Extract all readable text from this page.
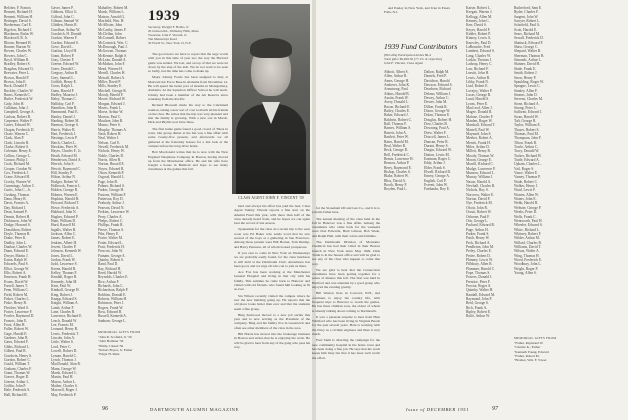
Belcher, F. Francis
Bennett, Richard H.
Bennett, William H.
Bettinger, David S.
Biederman, Carl E.
Bigelow, Richard J.
Blackman, Rufus W.
Blackwell, R. Jr.
Bloom, Bernard H.
Bonner, Burton W.
Bowen, Charles W.
Bowers, John C.
Boyd, William R.
Bradley, Robert S.
Bragdon, Edward G.
Brewster, Peter L.
Brown, Harold P.
Brown, John E.
Buck, Donald F.
Buckley, Charles W.
Burns, Kenneth C.
Butler, Frederick W.
Cady, John H.
Callahan, John J.
Campbell, George A.
Carlson, Robert B.
Carpenter, Walter F.
Carter, Edward W.
Chapin, Frederick D.
Chase, Warren C.
Clark, Alan P.
Clark, Lincoln R.
Clarke, Robert S.
Coleman, Henry E.
Collins, George L.
Connor, Philip J.
Cook, Richard M.
Cooper, Gordon W.
Cox, Frederick J.
Crane, Edward H.
Crosby, Warren W.
Cummings, Arthur C.
Curtis, John C., Jr.
Cushing, Thomas
Dana, Henry R.
Davis, Francis A.
Day, Richard J.
Dean, Samuel F.
Dennis, Robert H.
Dickinson, John W.
Dodge, Howard S.
Donaldson, Robert
Doyle, Thomas R.
Drake, Peter K.
Dudley, John L.
Dunbar, Charles W.
Dunn, Edward E.
Dwyer, Martin J.
Eaton, Ralph W.
Edwards, Paul S.
Elliot, George W.
Ellis, Robert A.
Emerson, Frank H.
Evans, David W.
Farrell, James T.
Fenn, William C.
Field, Robert M.
Fisher, Charles L.
Fiske, Henry B.
Fletcher, Ward S.
Foster, Lawrence F.
Fowler, Raymond D.
Francis, John E.
Frost, Allen H.
Fuller, Robert W.
Gage, Harold E.
Gardner, John R.
Gates, Edward F.
Gibbs, Richard L.
Gilbert, Paul R.
Goodwin, Henry S.
Gordon, Robert C.
Gould, William T.
Graham, Charles F.
Grant, Thomas W.
Graves, Roger D.
Greene, Arthur L.
Griffin, John P.
Hale, Frederick S.
Hall, Richard B.
Gaver, James P.
Gibbons, Elliot G.
Gifford, John C.
Gilman, Samuel W.
Glidden, Harris R.
Goodhue, Arthur W.
Goodrich, H. Donald
Gookin, Warren F.
Gordon, Edward S.
Gove, David L.
Grafton, Lloyd H.
Grant, Robert P.
Gray, Chester F.
Greene, Edward W.
Greer, Donald C.
Gregory, Arthur R.
Grey, Samuel L.
Griffith, Henry E.
Gross, Ralph L.
Gunn, Harold F.
Hadley, Maurice J.
Haley, Thomas C.
Halliday, Carl P.
Hamilton, John R.
Hammond, Paul E.
Hanley, Daniel J.
Harding, Robert M.
Harmon, George S.
Harris, Walter B.
Hart, Frederick J.
Hastings, Lewis P.
Hatch, Charles L.
Hawkins, Peter W.
Hayes, Charles F., Jr.
Heath, Edward M.
Henderson, David A.
Herrick, John S.
Hewitt, Raymond C.
Hill, Stanley P.
Hilton, Arthur N.
Hodges, Robert W.
Holbrook, Francis L.
Holden, George R.
Holmes, Warren E.
Hopkins, Harold B.
Howard, Richard T.
Howe, Frederick A.
Hubbard, John N.
Hughes, Edward P.
Hunt, William D.
Hurd, Russell M.
Ingalls, Walter R.
Jackson, Allen C.
James, Robert E.
Jenkins, Albert H.
Jewett, Charles P.
Johnson, Kenneth W.
Jones, David L.
Jordan, Frank W.
Judd, Lawrence S.
Keene, Harold R.
Kelley, Thomas F.
Kendall, Roger B.
Kennedy, John M.
Kent, Paul W.
Kimball, George H.
King, Robert J.
Knapp, Edward S.
Knight, William A.
Lamb, Arthur F.
Lane, Charles R.
Lawrence, Richard E.
Leach, Donald W.
Lee, Francis M.
Leonard, Henry B.
Lewis, Frederick T.
Lincoln, John A.
Little, Walter S.
Lord, Peter C.
Lowell, Robert D.
Lyman, Harold C.
Lynch, Thomas J.
MacDonald, Alan R.
Mann, George W.
Marsh, Edward C.
Martin, Paul H.
Mason, Arthur L.
Mather, Charles S.
Maxwell, Roger J.
May, Frederick P.
Mahaffey, Robert M.
Marsh, William L.
Matson, Arnold G.
Maxfield, Wm. H.
McAllister, John
McCarthy, James F.
McClellan, John
McConnell, Robert
McCormick, Wm. C.
McDonough, Paul J.
McGowan, Thomas
McKenzie, Ralph S.
McLean, Donald A.
McMahon, John F.
Mead, Warren H.
Merrill, Charles H.
Metcalf, Robert A.
Miller, David P.
Mills, Stanley E.
Mitchell, George R.
Moody, Harold F.
Moore, Richard W.
Morgan, Edward J.
Morris, Frank L.
Morse, Arthur W.
Morton, Paul C.
Moulton, John R.
Munro, Peter S.
Murphy, Thomas A.
Nash, Robert H.
Neal, Walter J.
Nelson, Carl E.
Newell, Frederick M.
Nichols, Henry W.
Noble, Charles D.
Norris, Allen B.
Norton, Russell E.
Noyes, Edward R.
Olson, Kenneth P.
Osgood, Harold L.
Page, John B.
Palmer, Richard S.
Parker, George H.
Parsons, William F.
Patterson, Roy D.
Peabody, Arthur J.
Pearson, David N.
Perkins, Lawrence W.
Perry, Charles A.
Phelps, Robert C.
Phillips, Frank R.
Pierce, Thomas S.
Pike, Henry E.
Porter, Walter M.
Potter, Edward L.
Pratt, Frederick H.
Prescott, John W.
Putnam, George A.
Quinby, Robert S.
Rand, Paul D.
Ray, Richard H.
Reed, Harold W.
Reynolds, Charles E.
Rice, Arthur F.
Richards, John C.
Richardson, Ralph P.
Robbins, Donald E.
Roberts, William H.
Robinson, Peter J.
Rogers, Frank W.
Ross, Edward B.
Russell, Kenneth A.
Sanborn, George L.
MEMORIAL GIFTS FROM
"John R. Scofield, Jr. '56
"John Hollister '56
"Philip J. Reed '56
"Robert Boyce, Jr. Father
"Edgar H. Mele
1939
Secretary, Dwight F. Hobbs, Jr.
20 Jackson Rd., Wellesley Hills, Mass.
Treasurer, John F. Vincent, Jr.
The Manuscript Road
50 Worth St., New York 13, N.Y.

The good news we have to report that the sage words with you in this time of year are: the way the Harvard game was settled. We lost, and on top of that we were let down by the slap of the arm. We do not want to be seen so badly, but the time has come to make up.

Major Johnny Fowle has been assigned to duty at Maxwell Air Force Base in Alabama from November 14. He will spend the better part of months in Montgomery, Alabama. At the Squadron Officer School he will teach. Johnny had been a member of the Air Reserve since returning from the Pacific.

Richard Blossom made his way to the Cincinnati reunion, taking a new sort of coat to match all his friends on the river. He writes that the trip was very pleasant and that the family is growing. With a new son in March, Dick and Phyllis now have three.

The first home game found a good crowd of '39ers in town. Our group dinner at the Inn was a fine affair with some twenty-five present, and afterwards we all gathered at the fraternity houses for a last look at the campus before the long drive home.

Bob Macdonald writes that he is now with the New England Telephone Company in Boston, having moved up from the Manchester office. He and his wife have bought a house in Belmont and hope to see many classmates at the games this fall.

hard and always his effort has paid the best. Class Agent Johnny Vincent reports a fine start on the Alumni Fund this year, with more than half of the class already heard from, and he hopes we can again beat the record of last season.

Spokesman for the class on a recent trip to the west coast was Ed Baker who sends word that he saw several of the boys at a gathering in San Francisco. Among those present were Bill Horner, Tom Dunlap, and Harry Peterson, all of whom looked prosperous.

If you care to come in New York on Wednesdays we are probably easily found, for the class luncheon is still held at the Dartmouth Club. Attendance has been good, and we urge all who can to join us there.

Ace Fox has been working at the Manchester General Hospital and living in that city with his family. This summer he came back to Hanover and visited with old friends, who found him looking as fit as ever.

Stu Wilson recently visited the campus where he saw the new building going up. He reports that the old place looks better than ever and that the students seem a fine group.

Bing Kenwood moved to a new job earlier this year and is now serving as the President of the company. Bing and his family live in Greenwich and often see other members of the class in the area.

Bill Harris has moved into the brokerage business in Boston and writes that he is enjoying the work. He will be glad to hear from any of the gang who pass his way.

96	DARTMOUTH ALUMNI MAGAZINE
CLASS AGENT JOHN F. VINCENT '39

and Pauley in New York, and Ivan in Essex Falls, N.J.

for the Stoneham Oil and Gas Co., and it is to join his father here.

The annual meeting of the class held in the fall in Hanover was a fine affair. Among the classmates who came back for the weekend were Don Edwards, Herb Gibson, Bob Wade, and Ralph Hall, with their wives and families.

The Dartmouth Division of Monsanto Chemical has had their Chief in their Boston branch in New York since May 1949. Dick Tuttle is in the Sussex office and will be glad to see any of the class who happen to come that way.

We are glad to hear that the Connecticut classmates have been getting together for a series of dinners this fall. The first was held in Hartford and was attended by a good group who enjoyed the evening greatly.

Bill Weston lives in Concord, N.H., and continues to enjoy the country life, with frequent trips to Hanover to watch the games. He has three children now, the oldest of whom is already talking about coming to Dartmouth.

It was a pleasant surprise to hear from Hale Whitford who has been living in Virginia Beach for the past several years. Hale is working with the Navy as a civilian engineer and likes it very much.

Fred Stahl is directing the campaign for the new community hospital in his home town and has been doing a fine job. He says that the work keeps him busy but that it has been well worth the effort.

1939 Fund Contributors
(89 Gifts) Participation Index 86.4
Total gifts: $9,929.50 (77.1% of objective)
John F. Vincent, Class Agent
Abbott, Albert S.
Allen, Arthur R.
Ames, George H.
Andrews, John K.
Armstrong, Paul
Atkins, Harold B.
Austin, Frank W.
Avery, Donald L.
Bacon, Richard E.
Bailey, Charles E.
Baker, Edward J.
Baldwin, Robert C.
Ball, Thomas F.
Barnes, William S.
Barrett, John A.
Bartlett, Peter W.
Bates, Harold M.
Beal, Walter R.
Beck, George D.
Bell, Frederick C.
Bemis, Lawrence H.
Benson, Arthur P.
Berry, Raymond E.
Bishop, Charles S.
Blake, Robert W.
Bliss, David A.
Booth, Henry F.
Boyden, Paul L.
Dalton, Ralph M.
Daniels, Fred P.
Davidson, Harold
Dawson, Edward S.
Dearborn, Richard
Delano, William J.
Dewey, Arthur C.
Dexter, John M.
Dillon, Frank R.
Dixon, George W.
Dolan, Thomas E.
Douglas, Robert H.
Dow, Charles B.
Downing, Paul A.
Drew, Walter F.
Driscoll, James L.
Duncan, Peter R.
Durant, Henry S.
Durgin, Edward W.
Dutton, Lewis M.
Eastman, Roger C.
Eddy, Arthur J.
Elder, Frank S.
Elwell, Richard D.
Emery, George A.
English, Carl P.
Everett, John W.
Fairbanks, Roy E.
Kaiser, Robert L.
Keegan, Warren J.
Kellogg, Allen M.
Kenney, John C.
Kerr, David S.
Keyes, Harold F.
Kidder, Robert P.
Kinney, Lewis A.
Knowles, Paul D.
LaBranche, Fred
Lambert, Edward S.
Lang, Charles W.
Larkin, Thomas J.
Lathrop, Henry C.
Law, Richard F.
Leavitt, John H.
Lewis, Arthur B.
Libby, Frank N.
Lind, Robert E.
Lovejoy, Walter P.
Lucas, George R.
Lund, Harold S.
Lyons, Peter E.
MacLeod, Allen J.
Magee, Donald R.
Malone, Charles F.
Marden, Roger W.
Marshall, Edward T.
Martell, Paul W.
Maynard, John S.
Meeker, Robert A.
Merritt, Frank H.
Miles, Arthur D.
Millett, Henry R.
Moody, Thomas W.
Moran, George E.
Morrill, Richard C.
Mudge, Lawrence P.
Munson, Edward L.
Murray, William J.
Nason, Harold A.
Newhall, Charles R.
Nichols, Roy S.
Norcross, Walter E.
Norton, David P.
Nye, Frederick M.
Olcott, John R.
Orcutt, Robert W.
Osborne, Paul F.
Otis, George L.
Packard, Edward R.
Page, Arthur H.
Parker, Frank S.
Patch, Henry W.
Peck, Richard A.
Pendleton, John M.
Perley, Charles E.
Pettee, Robert D.
Phinney, Lewis W.
Pillsbury, Allen R.
Plummer, Harold C.
Pope, Thomas S.
Powers, Donald J.
Prentice, Peter F.
Proctor, Roger A.
Quimby, Walter H.
Randall, Edward M.
Raymond, John P.
Reid, George S.
Rich, Frank A.
Ripley, Robert E.
Rolfe, Arthur W.
Rutherford, Sam E.
Ryder, Charles F.
Sargent, John W.
Sawyer, Robert L.
Schofield, Paul A.
Scott, Harold E.
Sears, Richard M.
Sewall, Frederick D.
Shattuck, Edward P.
Shaw, George C.
Shepard, Walter R.
Sherman, Thomas B.
Simonds, Arthur L.
Skinner, David H.
Slade, Frank E.
Smith, Robert J.
Snow, Henry P.
Spaulding, Roger W.
Sprague, Lewis C.
Stanley, Allen F.
Stearns, John D.
Stevens, Charles M.
Stone, Richard A.
Strong, Peter L.
Sullivan, Edward J.
Swan, Harold W.
Taft, George R.
Taylor, William E.
Thayer, Robert S.
Thomas, Paul M.
Thompson, John F.
Tilton, Frank R.
Towle, Arthur C.
Tracy, Donald W.
Tucker, Richard H.
Tuttle, Edward A.
Upham, Charles L.
Vail, Roger S.
Vance, Walter E.
Varney, Thomas P.
Wade, Robert C.
Walker, Henry J.
Ward, Lewis F.
Warren, Allen W.
Waters, John E.
Webb, Harold R.
Webster, George P.
Weeks, Peter D.
Wells, Frank C.
Wentworth, Paul H.
Wheeler, Edward S.
White, Richard L.
Whitney, Robert F.
Wilder, Arthur M.
Willard, Charles R.
Williams, David T.
Wilson, Walter A.
Wing, Thomas H.
Wood, Frederick E.
Woodbury, John L.
Wright, Roger P.
Young, Allen S.
MEMORIAL GIFTS FROM
"Father, Raymond W.
"Charles K., Father
"Kenneth Young, Edward
"Father, Robert M.
"Brother, Wm. F. Tower
97
Issue of DECEMBER 1951
